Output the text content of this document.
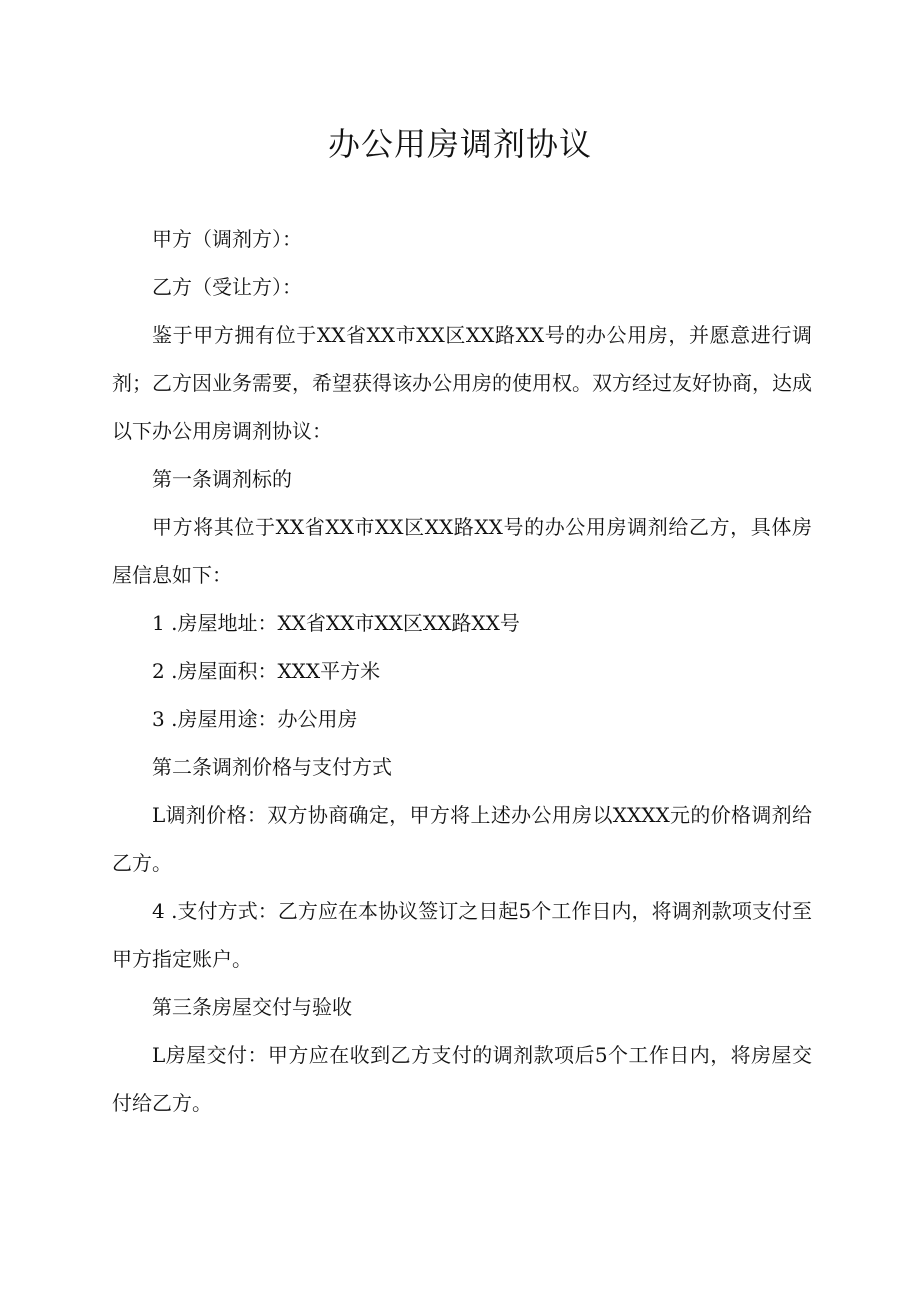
办公用房调剂协议

甲方（调剂方）：

乙方（受让方）：

鉴于甲方拥有位于XX省XX市XX区XX路XX号的办公用房，并愿意进行调剂；乙方因业务需要，希望获得该办公用房的使用权。双方经过友好协商，达成以下办公用房调剂协议：

第一条调剂标的

甲方将其位于XX省XX市XX区XX路XX号的办公用房调剂给乙方，具体房屋信息如下：

1 .房屋地址：XX省XX市XX区XX路XX号

2 .房屋面积：XXX平方米

3 .房屋用途：办公用房

第二条调剂价格与支付方式

L调剂价格：双方协商确定，甲方将上述办公用房以XXXX元的价格调剂给乙方。

4 .支付方式：乙方应在本协议签订之日起5个工作日内，将调剂款项支付至甲方指定账户。

第三条房屋交付与验收

L房屋交付：甲方应在收到乙方支付的调剂款项后5个工作日内，将房屋交付给乙方。
